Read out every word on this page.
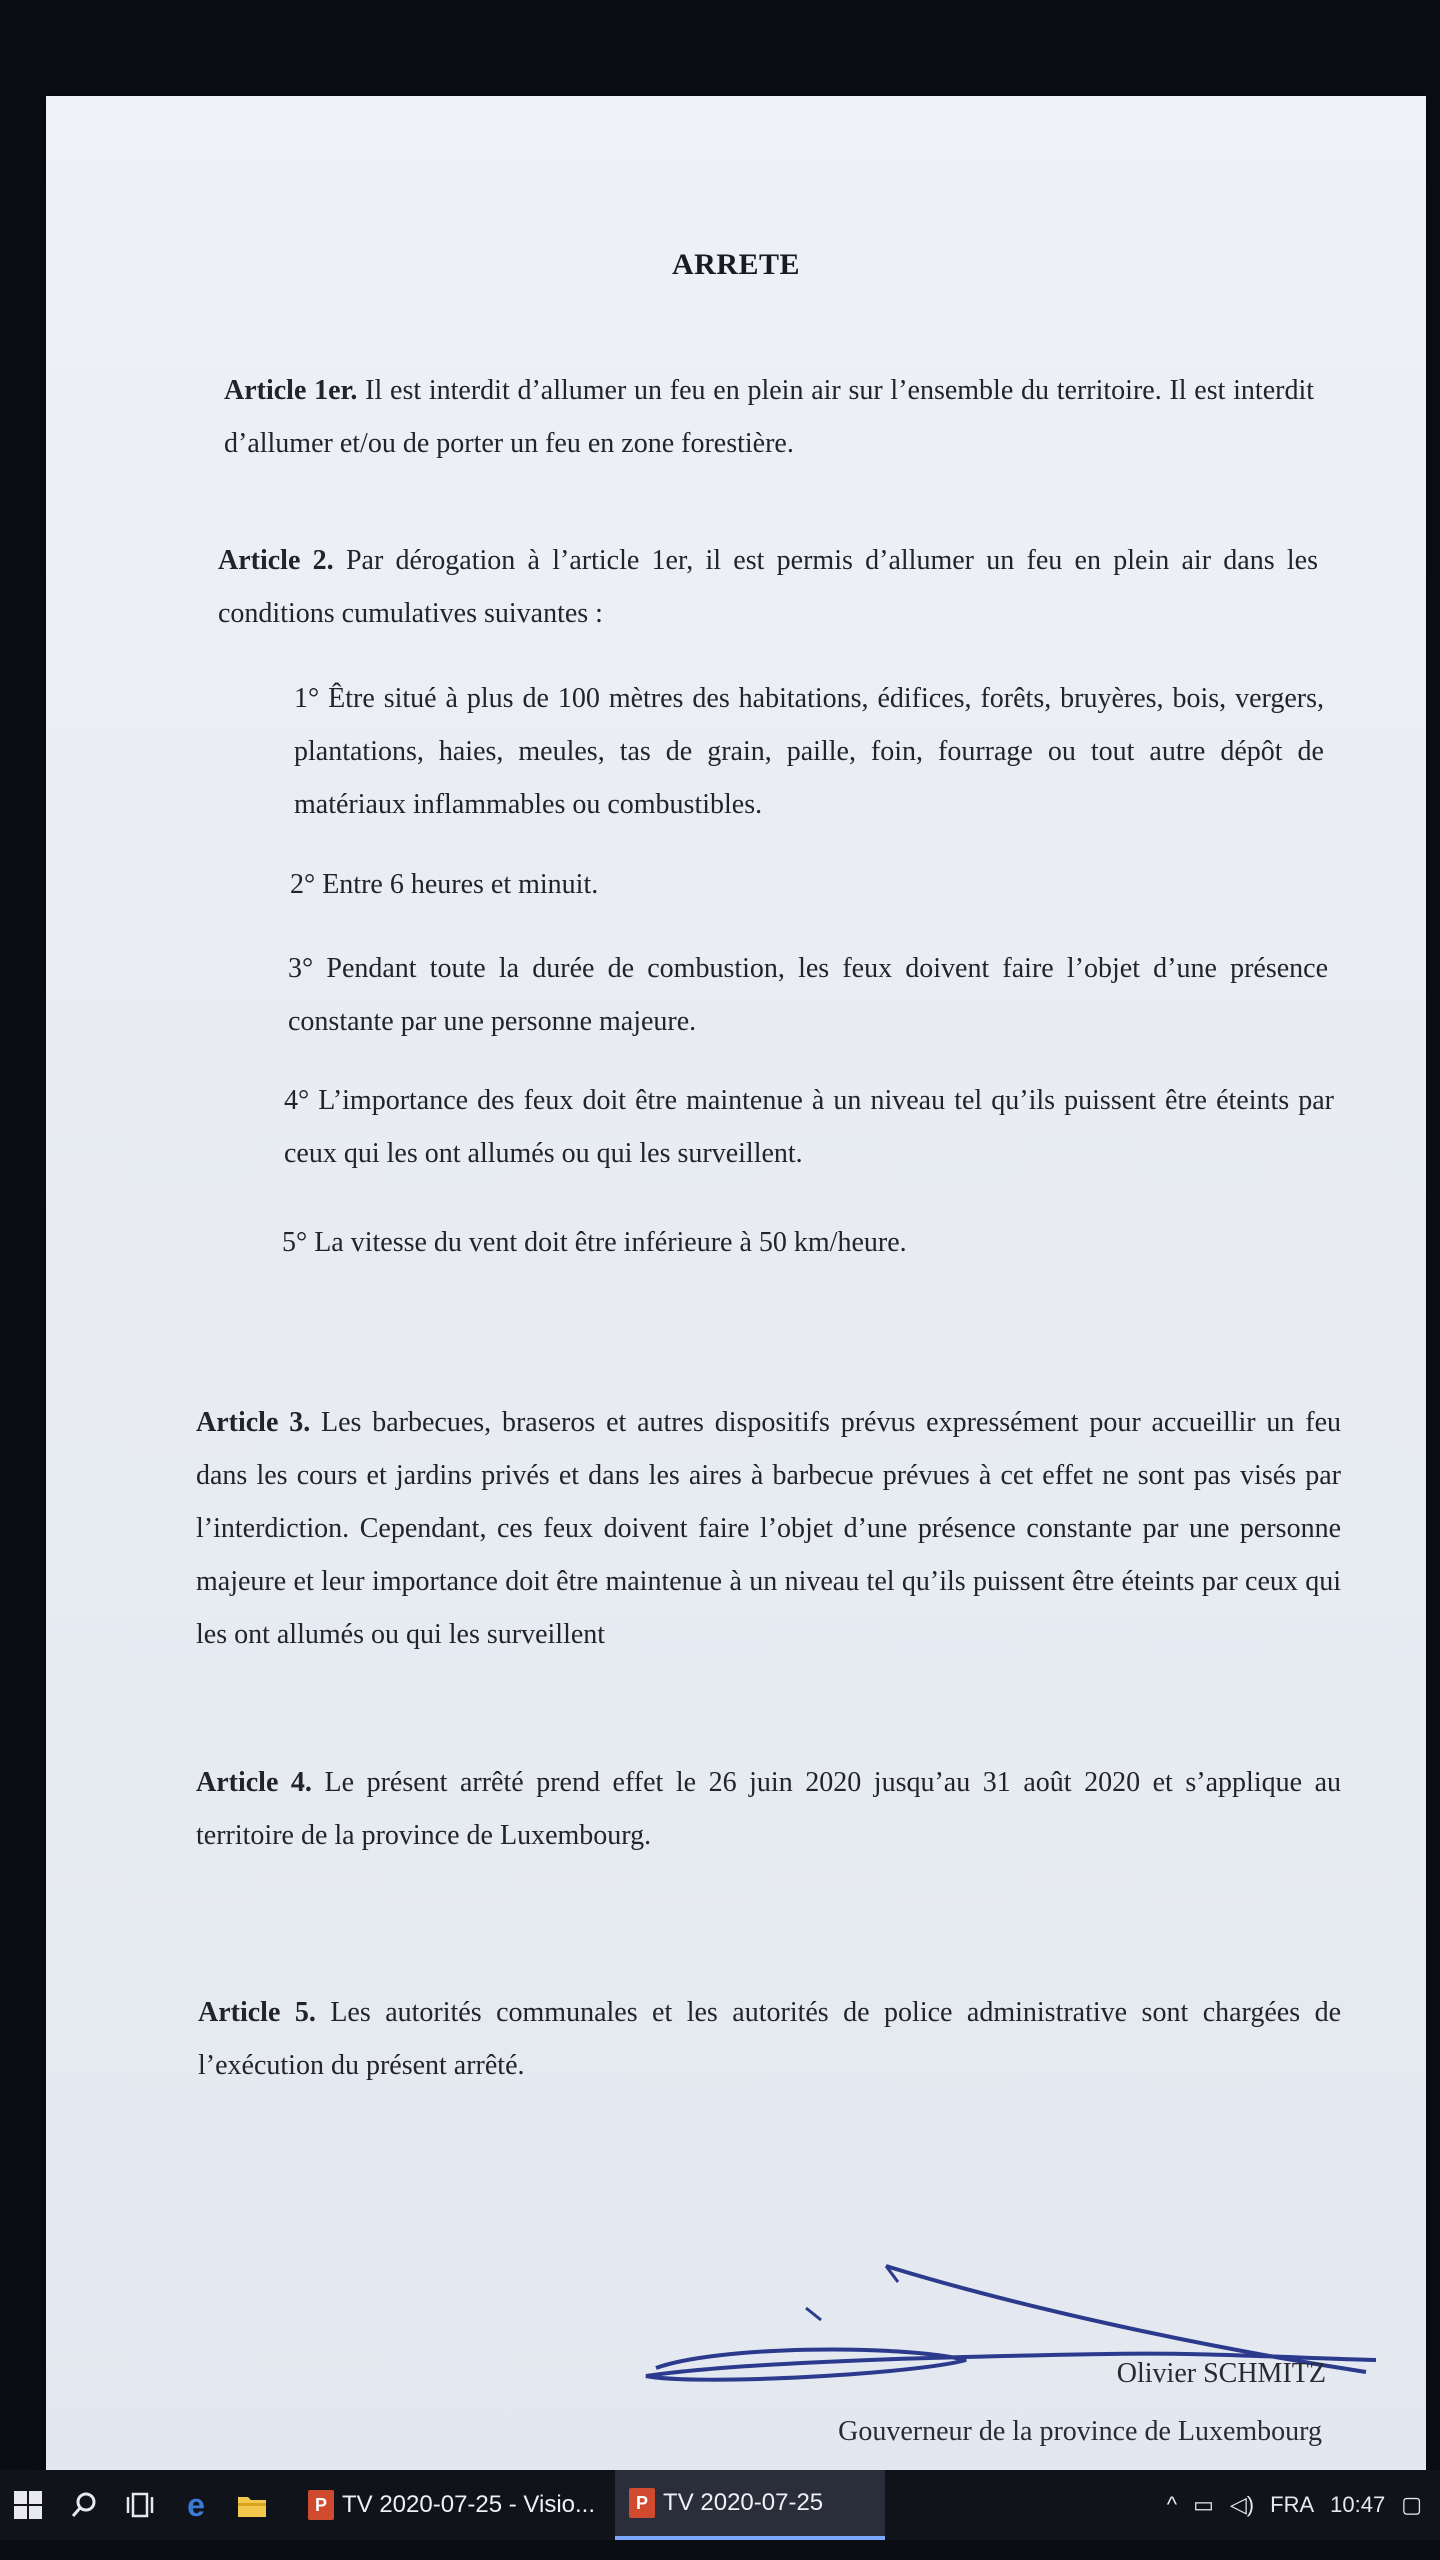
ARRETE
Article 1er. Il est interdit d’allumer un feu en plein air sur l’ensemble du territoire. Il est interdit d’allumer et/ou de porter un feu en zone forestière.
Article 2. Par dérogation à l’article 1er, il est permis d’allumer un feu en plein air dans les conditions cumulatives suivantes :
1° Être situé à plus de 100 mètres des habitations, édifices, forêts, bruyères, bois, vergers, plantations, haies, meules, tas de grain, paille, foin, fourrage ou tout autre dépôt de matériaux inflammables ou combustibles.
2° Entre 6 heures et minuit.
3° Pendant toute la durée de combustion, les feux doivent faire l’objet d’une présence constante par une personne majeure.
4° L’importance des feux doit être maintenue à un niveau tel qu’ils puissent être éteints par ceux qui les ont allumés ou qui les surveillent.
5° La vitesse du vent doit être inférieure à 50 km/heure.
Article 3. Les barbecues, braseros et autres dispositifs prévus expressément pour accueillir un feu dans les cours et jardins privés et dans les aires à barbecue prévues à cet effet ne sont pas visés par l’interdiction. Cependant, ces feux doivent faire l’objet d’une présence constante par une personne majeure et leur importance doit être maintenue à un niveau tel qu’ils puissent être éteints par ceux qui les ont allumés ou qui les surveillent
Article 4. Le présent arrêté prend effet le 26 juin 2020 jusqu’au 31 août 2020 et s’applique au territoire de la province de Luxembourg.
Article 5. Les autorités communales et les autorités de police administrative sont chargées de l’exécution du présent arrêté.
Olivier SCHMITZ
Gouverneur de la province de Luxembourg
e	P TV 2020-07-25 - Visio...	P TV 2020-07-25	^ ▭ ◁) FRA 10:47 ▢
